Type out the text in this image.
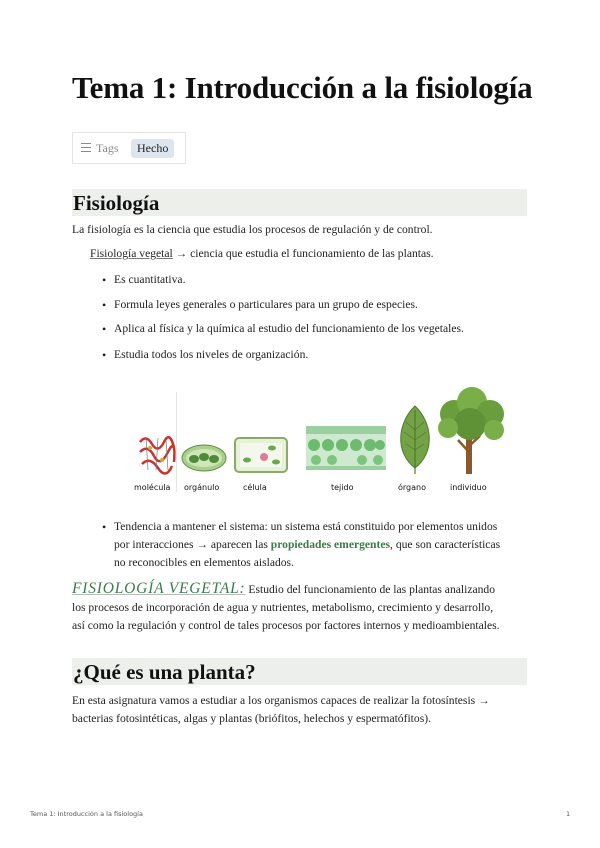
Tema 1: Introducción a la fisiología
Tags	Hecho
Fisiología
La fisiología es la ciencia que estudia los procesos de regulación y de control.
Fisiología vegetal → ciencia que estudia el funcionamiento de las plantas.
• Es cuantitativa.
• Formula leyes generales o particulares para un grupo de especies.
• Aplica al física y la química al estudio del funcionamiento de los vegetales.
• Estudia todos los niveles de organización.
molécula orgánulo	célula	tejido	órgano	individuo
• Tendencia a mantener el sistema: un sistema está constituido por elementos unidos
por interacciones → aparecen las propiedades emergentes, que son características
no reconocibles en elementos aislados.
FISIOLOGÍA VEGETAL: Estudio del funcionamiento de las plantas analizando
los procesos de incorporación de agua y nutrientes, metabolismo, crecimiento y desarrollo,
así como la regulación y control de tales procesos por factores internos y medioambientales.
¿Qué es una planta?
En esta asignatura vamos a estudiar a los organismos capaces de realizar la fotosíntesis →
bacterias fotosintéticas, algas y plantas (briófitos, helechos y espermatófitos).
Tema 1: Introducción a la fisiología	1
